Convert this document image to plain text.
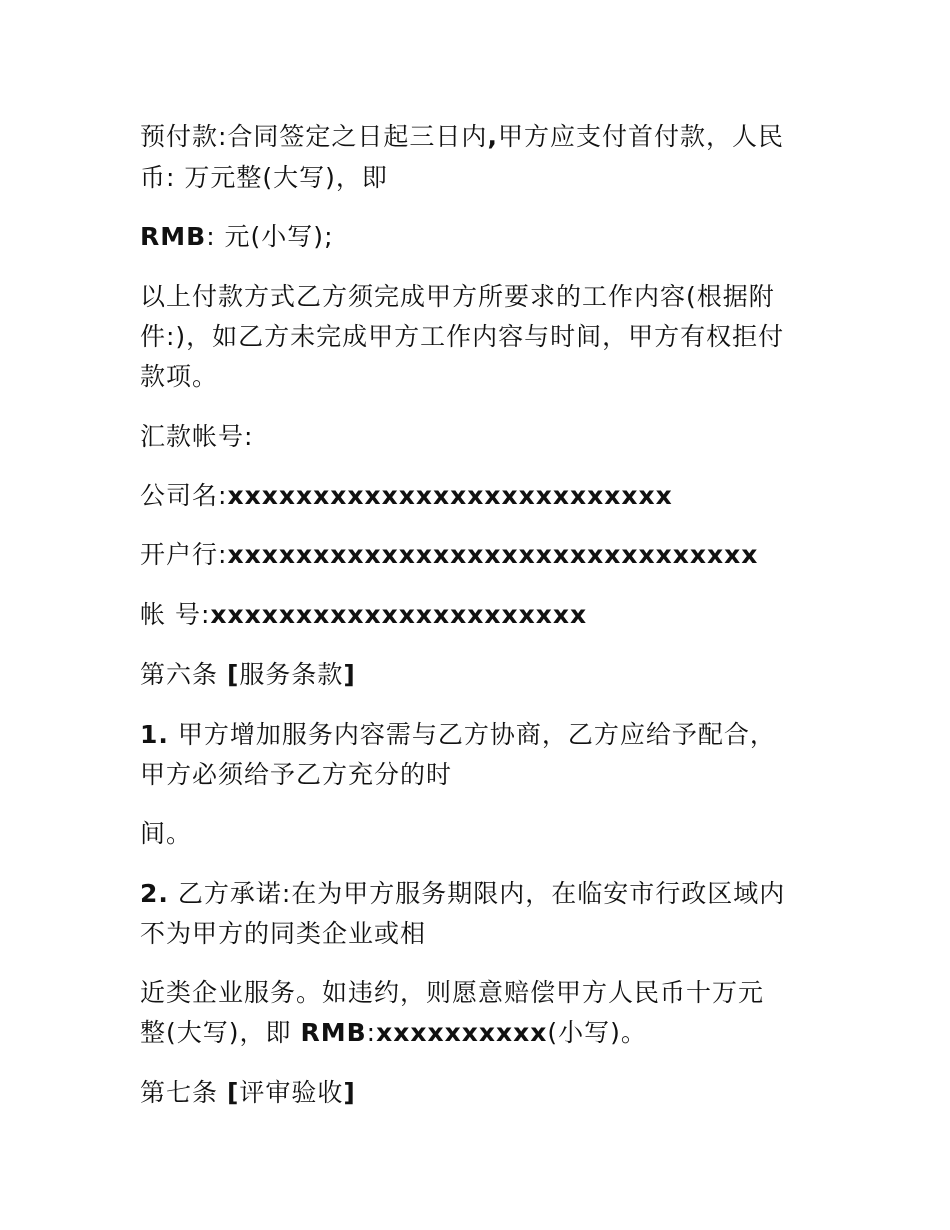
预付款:合同签定之日起三日内,甲方应支付首付款，人民
币: 万元整(大写)，即
RMB: 元(小写);
以上付款方式乙方须完成甲方所要求的工作内容(根据附
件:)，如乙方未完成甲方工作内容与时间，甲方有权拒付
款项。
汇款帐号:
公司名:xxxxxxxxxxxxxxxxxxxxxxxxxx
开户行:xxxxxxxxxxxxxxxxxxxxxxxxxxxxxxx
帐 号:xxxxxxxxxxxxxxxxxxxxxx
第六条 [服务条款]
1. 甲方增加服务内容需与乙方协商，乙方应给予配合，
甲方必须给予乙方充分的时
间。
2. 乙方承诺:在为甲方服务期限内，在临安市行政区域内
不为甲方的同类企业或相
近类企业服务。如违约，则愿意赔偿甲方人民币十万元
整(大写)，即 RMB:xxxxxxxxxx(小写)。
第七条 [评审验收]
